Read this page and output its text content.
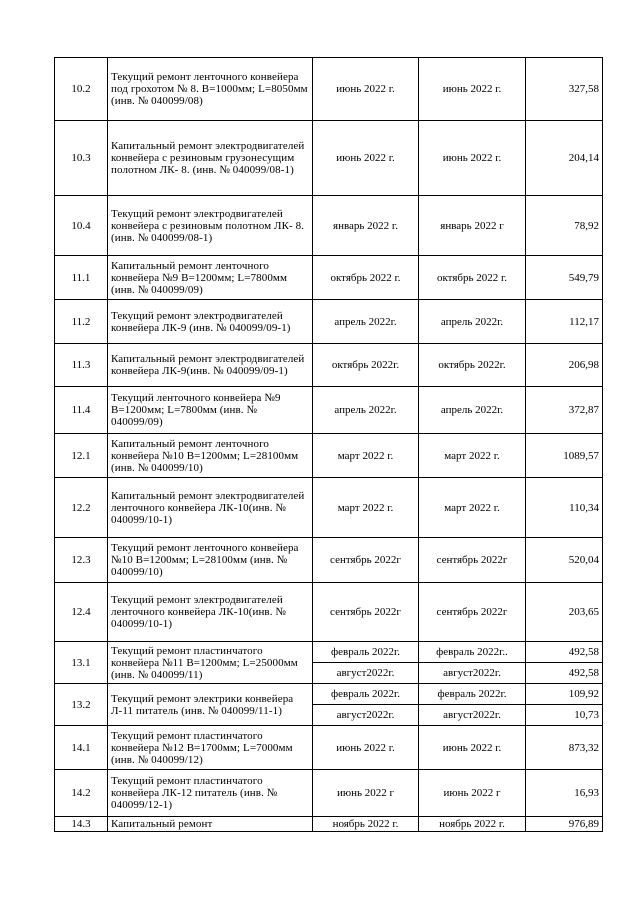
10.2	Текущий ремонт ленточного конвейера под грохотом № 8. В=1000мм; L=8050мм (инв. № 040099/08)	июнь 2022 г.	июнь 2022 г.	327,58
10.3	Капитальный ремонт электродвигателей конвейера с резиновым грузонесущим полотном ЛК- 8. (инв. № 040099/08-1)	июнь 2022 г.	июнь 2022 г.	204,14
10.4	Текущий ремонт электродвигателей конвейера с резиновым полотном ЛК- 8. (инв. № 040099/08-1)	январь 2022 г.	январь 2022 г	78,92
11.1	Капитальный ремонт ленточного конвейера №9 В=1200мм; L=7800мм (инв. № 040099/09)	октябрь 2022 г.	октябрь 2022 г.	549,79
11.2	Текущий ремонт электродвигателей конвейера ЛК-9 (инв. № 040099/09-1)	апрель 2022г.	апрель 2022г.	112,17
11.3	Капитальный ремонт электродвигателей конвейера ЛК-9(инв. № 040099/09-1)	октябрь 2022г.	октябрь 2022г.	206,98
11.4	Текущий ленточного конвейера №9 В=1200мм; L=7800мм (инв. № 040099/09)	апрель 2022г.	апрель 2022г.	372,87
12.1	Капитальный ремонт ленточного конвейера №10 В=1200мм; L=28100мм (инв. № 040099/10)	март 2022 г.	март 2022 г.	1089,57
12.2	Капитальный ремонт электродвигателей ленточного конвейера ЛК-10(инв. № 040099/10-1)	март 2022 г.	март 2022 г.	110,34
12.3	Текущий ремонт ленточного конвейера №10 В=1200мм; L=28100мм (инв. № 040099/10)	сентябрь 2022г	сентябрь 2022г	520,04
12.4	Текущий ремонт электродвигателей ленточного конвейера ЛК-10(инв. № 040099/10-1)	сентябрь 2022г	сентябрь 2022г	203,65
13.1	Текущий ремонт пластинчатого конвейера №11 В=1200мм; L=25000мм (инв. № 040099/11)	февраль 2022г.	февраль 2022г..	492,58
		август2022г.	август2022г.	492,58
13.2	Текущий ремонт электрики конвейера Л-11 питатель (инв. № 040099/11-1)	февраль 2022г.	февраль 2022г.	109,92
		август2022г.	август2022г.	10,73
14.1	Текущий ремонт пластинчатого конвейера №12 В=1700мм; L=7000мм (инв. № 040099/12)	июнь 2022 г.	июнь 2022 г.	873,32
14.2	Текущий ремонт пластинчатого конвейера ЛК-12 питатель (инв. № 040099/12-1)	июнь 2022 г	июнь 2022 г	16,93
14.3	Капитальный ремонт	ноябрь 2022 г.	ноябрь 2022 г.	976,89
